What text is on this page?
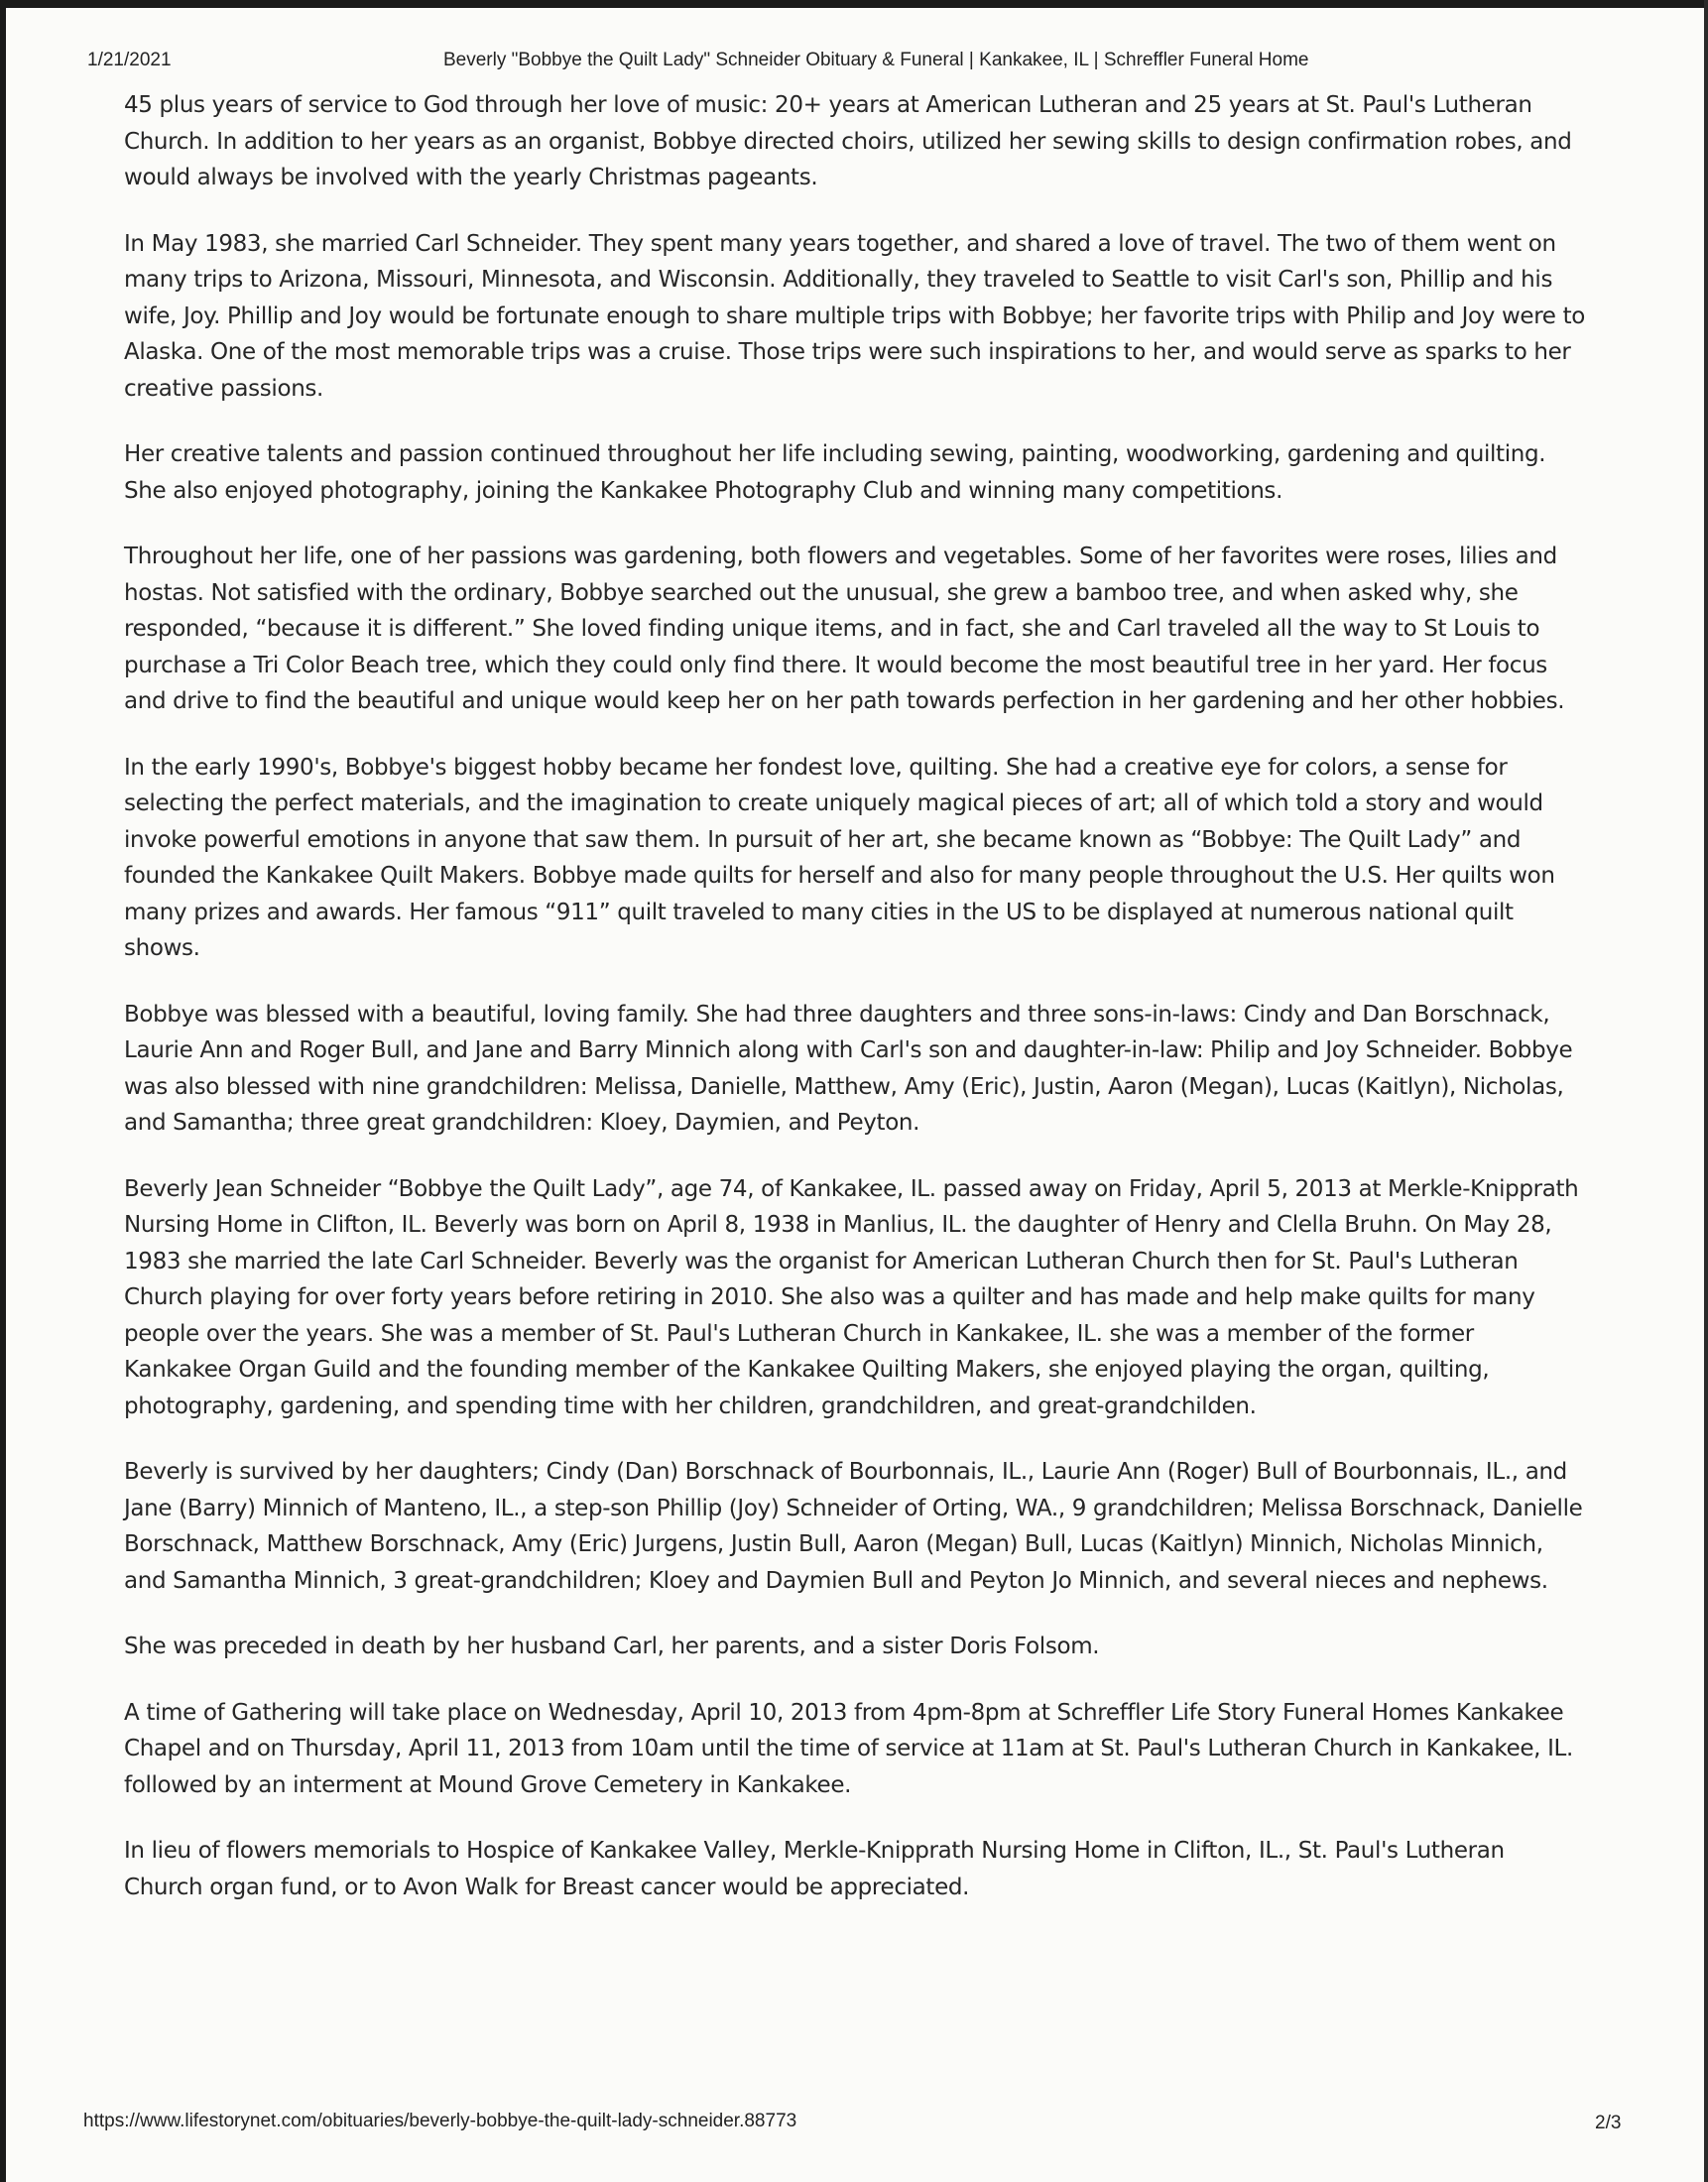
1/21/2021	Beverly "Bobbye the Quilt Lady" Schneider Obituary & Funeral | Kankakee, IL | Schreffler Funeral Home

45 plus years of service to God through her love of music: 20+ years at American Lutheran and 25 years at St. Paul's Lutheran Church. In addition to her years as an organist, Bobbye directed choirs, utilized her sewing skills to design confirmation robes, and would always be involved with the yearly Christmas pageants.

In May 1983, she married Carl Schneider. They spent many years together, and shared a love of travel. The two of them went on many trips to Arizona, Missouri, Minnesota, and Wisconsin. Additionally, they traveled to Seattle to visit Carl's son, Phillip and his wife, Joy. Phillip and Joy would be fortunate enough to share multiple trips with Bobbye; her favorite trips with Philip and Joy were to Alaska. One of the most memorable trips was a cruise. Those trips were such inspirations to her, and would serve as sparks to her creative passions.

Her creative talents and passion continued throughout her life including sewing, painting, woodworking, gardening and quilting. She also enjoyed photography, joining the Kankakee Photography Club and winning many competitions.

Throughout her life, one of her passions was gardening, both flowers and vegetables. Some of her favorites were roses, lilies and hostas. Not satisfied with the ordinary, Bobbye searched out the unusual, she grew a bamboo tree, and when asked why, she responded, “because it is different.” She loved finding unique items, and in fact, she and Carl traveled all the way to St Louis to purchase a Tri Color Beach tree, which they could only find there. It would become the most beautiful tree in her yard. Her focus and drive to find the beautiful and unique would keep her on her path towards perfection in her gardening and her other hobbies.

In the early 1990's, Bobbye's biggest hobby became her fondest love, quilting. She had a creative eye for colors, a sense for selecting the perfect materials, and the imagination to create uniquely magical pieces of art; all of which told a story and would invoke powerful emotions in anyone that saw them. In pursuit of her art, she became known as “Bobbye: The Quilt Lady” and founded the Kankakee Quilt Makers. Bobbye made quilts for herself and also for many people throughout the U.S. Her quilts won many prizes and awards. Her famous “911” quilt traveled to many cities in the US to be displayed at numerous national quilt shows.

Bobbye was blessed with a beautiful, loving family. She had three daughters and three sons-in-laws: Cindy and Dan Borschnack, Laurie Ann and Roger Bull, and Jane and Barry Minnich along with Carl's son and daughter-in-law: Philip and Joy Schneider. Bobbye was also blessed with nine grandchildren: Melissa, Danielle, Matthew, Amy (Eric), Justin, Aaron (Megan), Lucas (Kaitlyn), Nicholas, and Samantha; three great grandchildren: Kloey, Daymien, and Peyton.

Beverly Jean Schneider “Bobbye the Quilt Lady”, age 74, of Kankakee, IL. passed away on Friday, April 5, 2013 at Merkle-Knipprath Nursing Home in Clifton, IL. Beverly was born on April 8, 1938 in Manlius, IL. the daughter of Henry and Clella Bruhn. On May 28, 1983 she married the late Carl Schneider. Beverly was the organist for American Lutheran Church then for St. Paul's Lutheran Church playing for over forty years before retiring in 2010. She also was a quilter and has made and help make quilts for many people over the years. She was a member of St. Paul's Lutheran Church in Kankakee, IL. she was a member of the former Kankakee Organ Guild and the founding member of the Kankakee Quilting Makers, she enjoyed playing the organ, quilting, photography, gardening, and spending time with her children, grandchildren, and great-grandchilden.

Beverly is survived by her daughters; Cindy (Dan) Borschnack of Bourbonnais, IL., Laurie Ann (Roger) Bull of Bourbonnais, IL., and Jane (Barry) Minnich of Manteno, IL., a step-son Phillip (Joy) Schneider of Orting, WA., 9 grandchildren; Melissa Borschnack, Danielle Borschnack, Matthew Borschnack, Amy (Eric) Jurgens, Justin Bull, Aaron (Megan) Bull, Lucas (Kaitlyn) Minnich, Nicholas Minnich, and Samantha Minnich, 3 great-grandchildren; Kloey and Daymien Bull and Peyton Jo Minnich, and several nieces and nephews.

She was preceded in death by her husband Carl, her parents, and a sister Doris Folsom.

A time of Gathering will take place on Wednesday, April 10, 2013 from 4pm-8pm at Schreffler Life Story Funeral Homes Kankakee Chapel and on Thursday, April 11, 2013 from 10am until the time of service at 11am at St. Paul's Lutheran Church in Kankakee, IL. followed by an interment at Mound Grove Cemetery in Kankakee.

In lieu of flowers memorials to Hospice of Kankakee Valley, Merkle-Knipprath Nursing Home in Clifton, IL., St. Paul's Lutheran Church organ fund, or to Avon Walk for Breast cancer would be appreciated.

https://www.lifestorynet.com/obituaries/beverly-bobbye-the-quilt-lady-schneider.88773	2/3
